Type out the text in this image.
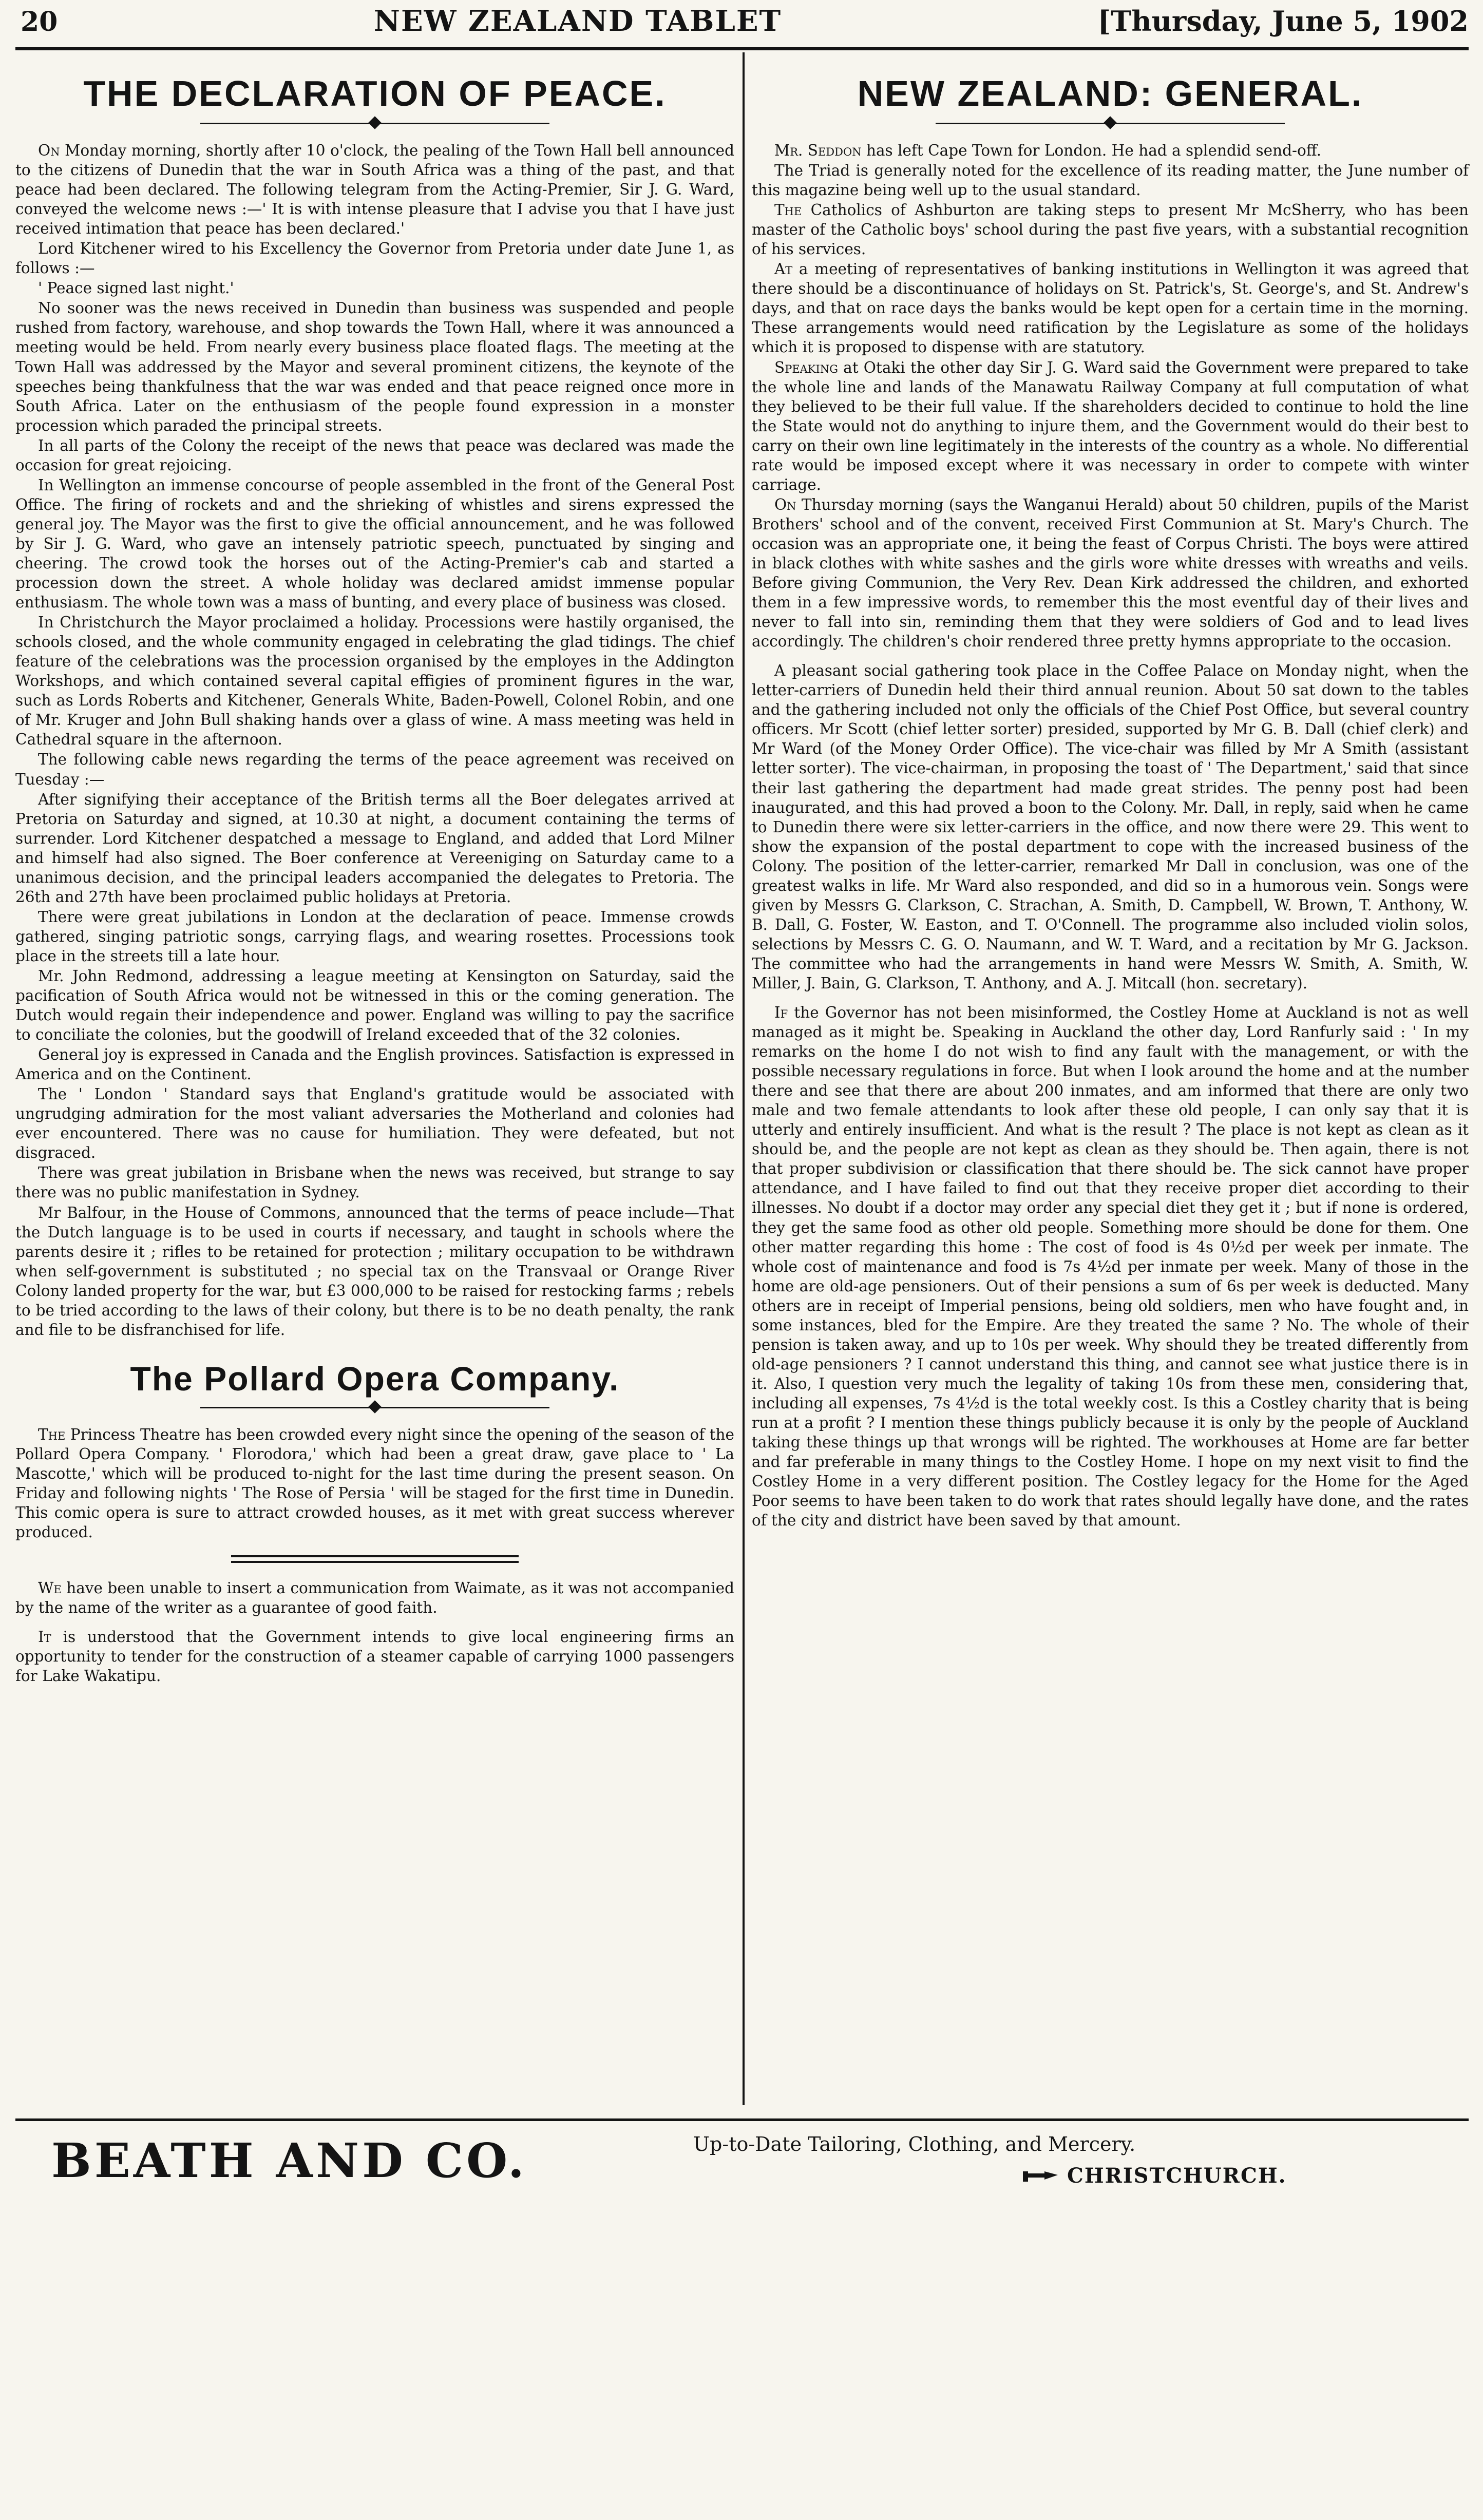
20	NEW ZEALAND TABLET	[Thursday, June 5, 1902
THE DECLARATION OF PEACE.

On Monday morning, shortly after 10 o'clock, the pealing of the Town Hall bell announced to the citizens of Dunedin that the war in South Africa was a thing of the past, and that peace had been declared. The following telegram from the Acting-Premier, Sir J. G. Ward, conveyed the welcome news :—' It is with intense pleasure that I advise you that I have just received intimation that peace has been declared.'

Lord Kitchener wired to his Excellency the Governor from Pretoria under date June 1, as follows :—

' Peace signed last night.'

No sooner was the news received in Dunedin than business was suspended and people rushed from factory, warehouse, and shop towards the Town Hall, where it was announced a meeting would be held. From nearly every business place floated flags. The meeting at the Town Hall was addressed by the Mayor and several prominent citizens, the keynote of the speeches being thankfulness that the war was ended and that peace reigned once more in South Africa. Later on the enthusiasm of the people found expression in a monster procession which paraded the principal streets.

In all parts of the Colony the receipt of the news that peace was declared was made the occasion for great rejoicing.

In Wellington an immense concourse of people assembled in the front of the General Post Office. The firing of rockets and and the shrieking of whistles and sirens expressed the general joy. The Mayor was the first to give the official announcement, and he was followed by Sir J. G. Ward, who gave an intensely patriotic speech, punctuated by singing and cheering. The crowd took the horses out of the Acting-Premier's cab and started a procession down the street. A whole holiday was declared amidst immense popular enthusiasm. The whole town was a mass of bunting, and every place of business was closed.

In Christchurch the Mayor proclaimed a holiday. Processions were hastily organised, the schools closed, and the whole community engaged in celebrating the glad tidings. The chief feature of the celebrations was the procession organised by the employes in the Addington Workshops, and which contained several capital effigies of prominent figures in the war, such as Lords Roberts and Kitchener, Generals White, Baden-Powell, Colonel Robin, and one of Mr. Kruger and John Bull shaking hands over a glass of wine. A mass meeting was held in Cathedral square in the afternoon.

The following cable news regarding the terms of the peace agreement was received on Tuesday :—

After signifying their acceptance of the British terms all the Boer delegates arrived at Pretoria on Saturday and signed, at 10.30 at night, a document containing the terms of surrender. Lord Kitchener despatched a message to England, and added that Lord Milner and himself had also signed. The Boer conference at Vereeniging on Saturday came to a unanimous decision, and the principal leaders accompanied the delegates to Pretoria. The 26th and 27th have been proclaimed public holidays at Pretoria.

There were great jubilations in London at the declaration of peace. Immense crowds gathered, singing patriotic songs, carrying flags, and wearing rosettes. Processions took place in the streets till a late hour.

Mr. John Redmond, addressing a league meeting at Kensington on Saturday, said the pacification of South Africa would not be witnessed in this or the coming generation. The Dutch would regain their independence and power. England was willing to pay the sacrifice to conciliate the colonies, but the goodwill of Ireland exceeded that of the 32 colonies.

General joy is expressed in Canada and the English provinces. Satisfaction is expressed in America and on the Continent.

The ' London ' Standard says that England's gratitude would be associated with ungrudging admiration for the most valiant adversaries the Motherland and colonies had ever encountered. There was no cause for humiliation. They were defeated, but not disgraced.

There was great jubilation in Brisbane when the news was received, but strange to say there was no public manifestation in Sydney.

Mr Balfour, in the House of Commons, announced that the terms of peace include—That the Dutch language is to be used in courts if necessary, and taught in schools where the parents desire it ; rifles to be retained for protection ; military occupation to be withdrawn when self-government is substituted ; no special tax on the Transvaal or Orange River Colony landed property for the war, but £3 000,000 to be raised for restocking farms ; rebels to be tried according to the laws of their colony, but there is to be no death penalty, the rank and file to be disfranchised for life.

The Pollard Opera Company.

The Princess Theatre has been crowded every night since the opening of the season of the Pollard Opera Company. ' Florodora,' which had been a great draw, gave place to ' La Mascotte,' which will be produced to-night for the last time during the present season. On Friday and following nights ' The Rose of Persia ' will be staged for the first time in Dunedin. This comic opera is sure to attract crowded houses, as it met with great success wherever produced.

We have been unable to insert a communication from Waimate, as it was not accompanied by the name of the writer as a guarantee of good faith.

It is understood that the Government intends to give local engineering firms an opportunity to tender for the construction of a steamer capable of carrying 1000 passengers for Lake Wakatipu.

NEW ZEALAND: GENERAL.

Mr. Seddon has left Cape Town for London. He had a splendid send-off.

The Triad is generally noted for the excellence of its reading matter, the June number of this magazine being well up to the usual standard.

The Catholics of Ashburton are taking steps to present Mr McSherry, who has been master of the Catholic boys' school during the past five years, with a substantial recognition of his services.

At a meeting of representatives of banking institutions in Wellington it was agreed that there should be a discontinuance of holidays on St. Patrick's, St. George's, and St. Andrew's days, and that on race days the banks would be kept open for a certain time in the morning. These arrangements would need ratification by the Legislature as some of the holidays which it is proposed to dispense with are statutory.

Speaking at Otaki the other day Sir J. G. Ward said the Government were prepared to take the whole line and lands of the Manawatu Railway Company at full computation of what they believed to be their full value. If the shareholders decided to continue to hold the line the State would not do anything to injure them, and the Government would do their best to carry on their own line legitimately in the interests of the country as a whole. No differential rate would be imposed except where it was necessary in order to compete with winter carriage.

On Thursday morning (says the Wanganui Herald) about 50 children, pupils of the Marist Brothers' school and of the convent, received First Communion at St. Mary's Church. The occasion was an appropriate one, it being the feast of Corpus Christi. The boys were attired in black clothes with white sashes and the girls wore white dresses with wreaths and veils. Before giving Communion, the Very Rev. Dean Kirk addressed the children, and exhorted them in a few impressive words, to remember this the most eventful day of their lives and never to fall into sin, reminding them that they were soldiers of God and to lead lives accordingly. The children's choir rendered three pretty hymns appropriate to the occasion.

A pleasant social gathering took place in the Coffee Palace on Monday night, when the letter-carriers of Dunedin held their third annual reunion. About 50 sat down to the tables and the gathering included not only the officials of the Chief Post Office, but several country officers. Mr Scott (chief letter sorter) presided, supported by Mr G. B. Dall (chief clerk) and Mr Ward (of the Money Order Office). The vice-chair was filled by Mr A Smith (assistant letter sorter). The vice-chairman, in proposing the toast of ' The Department,' said that since their last gathering the department had made great strides. The penny post had been inaugurated, and this had proved a boon to the Colony. Mr. Dall, in reply, said when he came to Dunedin there were six letter-carriers in the office, and now there were 29. This went to show the expansion of the postal department to cope with the increased business of the Colony. The position of the letter-carrier, remarked Mr Dall in conclusion, was one of the greatest walks in life. Mr Ward also responded, and did so in a humorous vein. Songs were given by Messrs G. Clarkson, C. Strachan, A. Smith, D. Campbell, W. Brown, T. Anthony, W. B. Dall, G. Foster, W. Easton, and T. O'Connell. The programme also included violin solos, selections by Messrs C. G. O. Naumann, and W. T. Ward, and a recitation by Mr G. Jackson. The committee who had the arrangements in hand were Messrs W. Smith, A. Smith, W. Miller, J. Bain, G. Clarkson, T. Anthony, and A. J. Mitcall (hon. secretary).

If the Governor has not been misinformed, the Costley Home at Auckland is not as well managed as it might be. Speaking in Auckland the other day, Lord Ranfurly said : ' In my remarks on the home I do not wish to find any fault with the management, or with the possible necessary regulations in force. But when I look around the home and at the number there and see that there are about 200 inmates, and am informed that there are only two male and two female attendants to look after these old people, I can only say that it is utterly and entirely insufficient. And what is the result ? The place is not kept as clean as it should be, and the people are not kept as clean as they should be. Then again, there is not that proper subdivision or classification that there should be. The sick cannot have proper attendance, and I have failed to find out that they receive proper diet according to their illnesses. No doubt if a doctor may order any special diet they get it ; but if none is ordered, they get the same food as other old people. Something more should be done for them. One other matter regarding this home : The cost of food is 4s 0½d per week per inmate. The whole cost of maintenance and food is 7s 4½d per inmate per week. Many of those in the home are old-age pensioners. Out of their pensions a sum of 6s per week is deducted. Many others are in receipt of Imperial pensions, being old soldiers, men who have fought and, in some instances, bled for the Empire. Are they treated the same ? No. The whole of their pension is taken away, and up to 10s per week. Why should they be treated differently from old-age pensioners ? I cannot understand this thing, and cannot see what justice there is in it. Also, I question very much the legality of taking 10s from these men, considering that, including all expenses, 7s 4½d is the total weekly cost. Is this a Costley charity that is being run at a profit ? I mention these things publicly because it is only by the people of Auckland taking these things up that wrongs will be righted. The workhouses at Home are far better and far preferable in many things to the Costley Home. I hope on my next visit to find the Costley Home in a very different position. The Costley legacy for the Home for the Aged Poor seems to have been taken to do work that rates should legally have done, and the rates of the city and district have been saved by that amount.

BEATH AND CO.	Up-to-Date Tailoring, Clothing, and Mercery.
CHRISTCHURCH.
